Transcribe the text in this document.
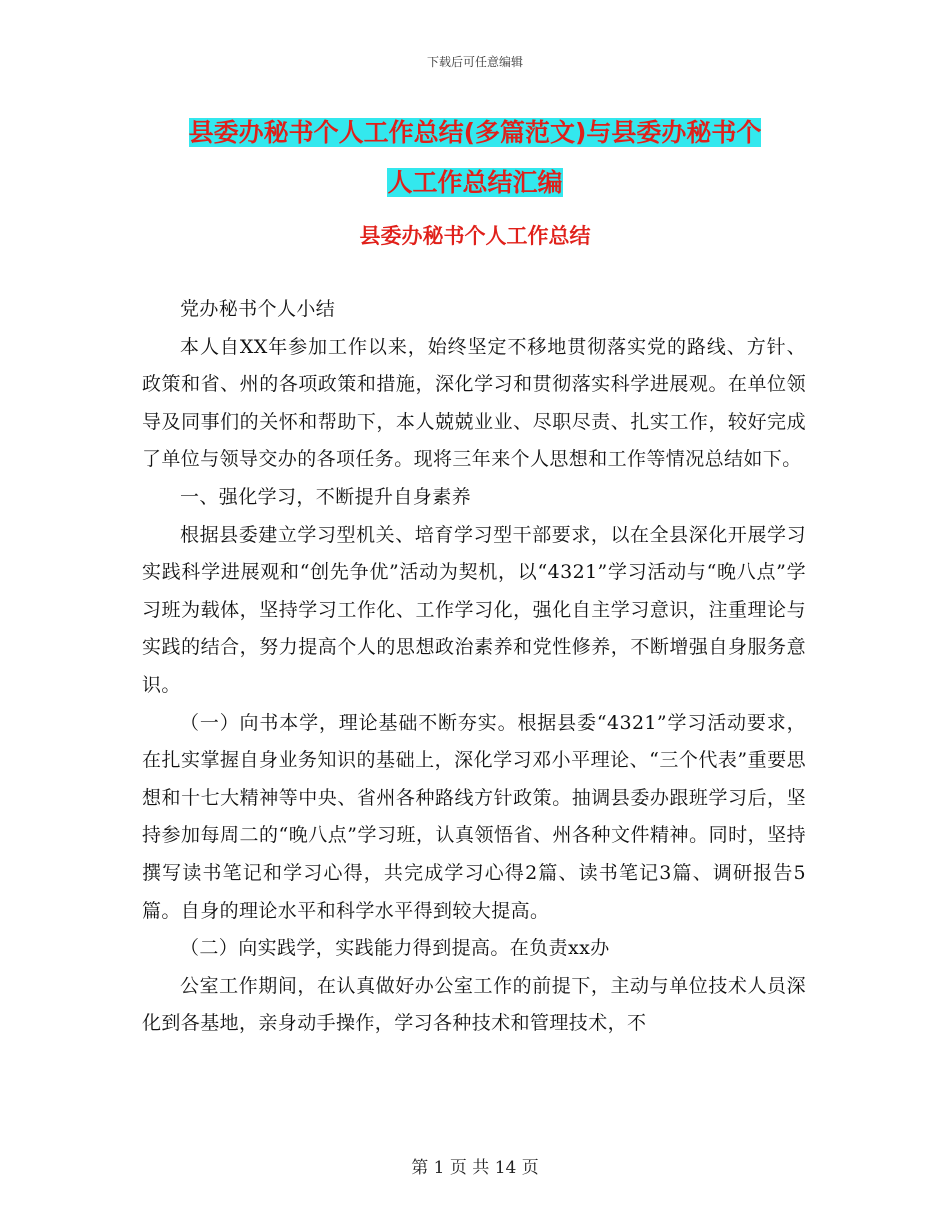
下载后可任意编辑
县委办秘书个人工作总结(多篇范文)与县委办秘书个
人工作总结汇编
县委办秘书个人工作总结

党办秘书个人小结

本人自XX年参加工作以来，始终坚定不移地贯彻落实党的路线、方针、政策和省、州的各项政策和措施，深化学习和贯彻落实科学进展观。在单位领导及同事们的关怀和帮助下，本人兢兢业业、尽职尽责、扎实工作，较好完成了单位与领导交办的各项任务。现将三年来个人思想和工作等情况总结如下。

一、强化学习，不断提升自身素养

根据县委建立学习型机关、培育学习型干部要求，以在全县深化开展学习实践科学进展观和“创先争优”活动为契机，以“4321”学习活动与“晚八点”学习班为载体，坚持学习工作化、工作学习化，强化自主学习意识，注重理论与实践的结合，努力提高个人的思想政治素养和党性修养，不断增强自身服务意识。

（一）向书本学，理论基础不断夯实。根据县委“4321”学习活动要求，在扎实掌握自身业务知识的基础上，深化学习邓小平理论、“三个代表”重要思想和十七大精神等中央、省州各种路线方针政策。抽调县委办跟班学习后，坚持参加每周二的“晚八点”学习班，认真领悟省、州各种文件精神。同时，坚持撰写读书笔记和学习心得，共完成学习心得2篇、读书笔记3篇、调研报告5篇。自身的理论水平和科学水平得到较大提高。

（二）向实践学，实践能力得到提高。在负责xx办

公室工作期间，在认真做好办公室工作的前提下，主动与单位技术人员深化到各基地，亲身动手操作，学习各种技术和管理技术，不

第 1 页 共 14 页
